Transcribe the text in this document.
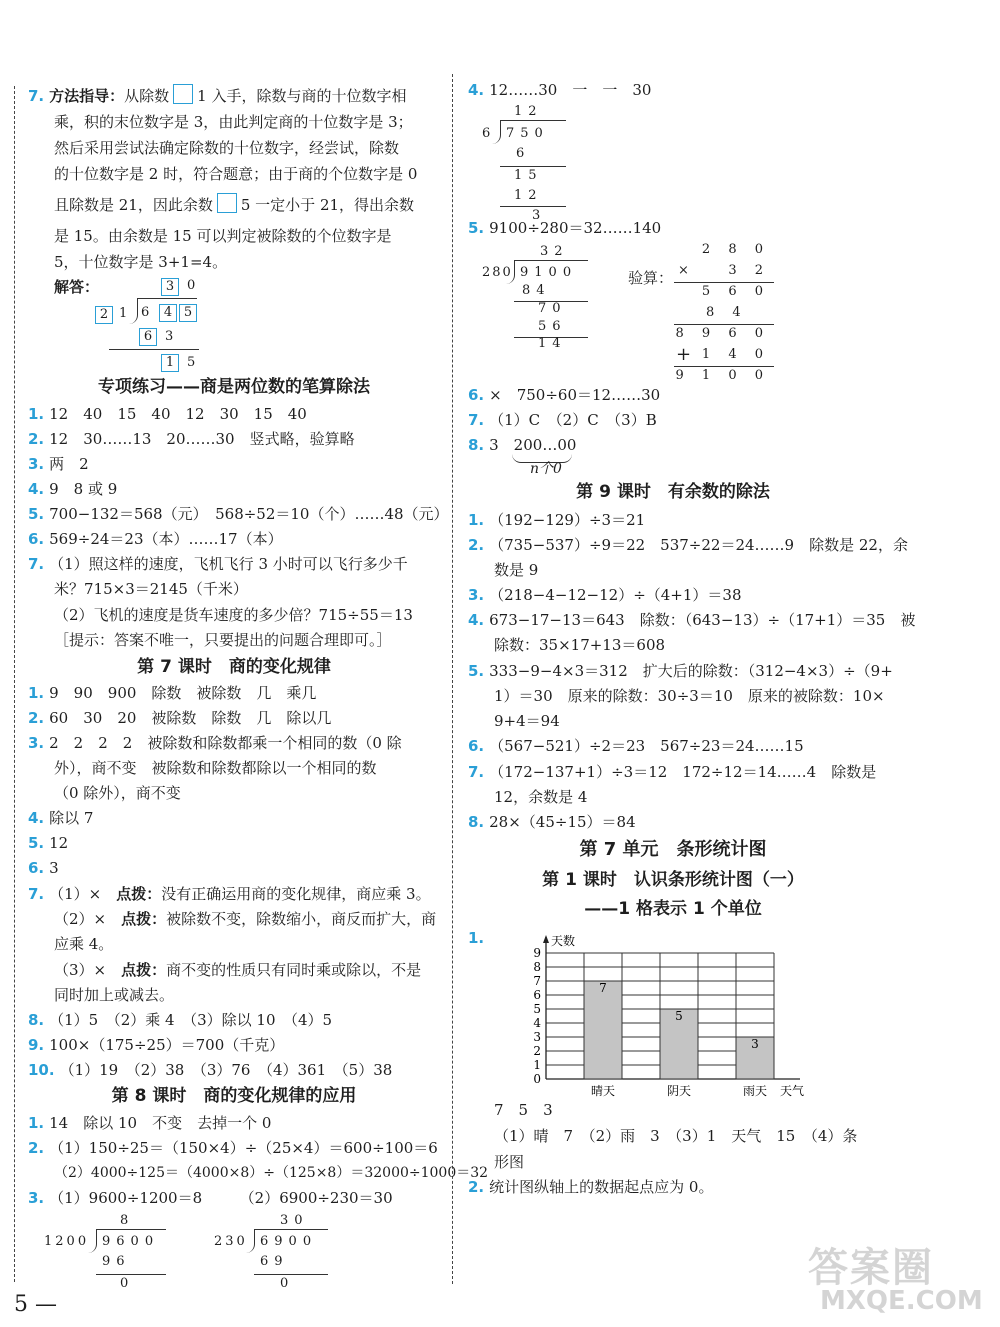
7. 方法指导：从除数 1 入手，除数与商的十位数字相
乘，积的末位数字是 3，由此判定商的十位数字是 3；
然后采用尝试法确定除数的十位数字，经尝试，除数
的十位数字是 2 时，符合题意；由于商的个位数字是 0
且除数是 21，因此余数 5 一定小于 21，得出余数
是 15。由余数是 15 可以判定被除数的个位数字是
5，十位数字是 3+1=4。
解答：	3 0
2 1 6	4 5
6 3
1 5
专项练习——商是两位数的笔算除法
1. 12　40　15　40　12　30　15　40
2. 12　30……13　20……30　竖式略，验算略
3. 两　2
4. 9　8 或 9
5. 700−132＝568（元）　568÷52＝10（个）……48（元）
6. 569÷24＝23（本）……17（本）
7. （1）照这样的速度，飞机飞行 3 小时可以飞行多少千
米？715×3＝2145（千米）
（2）飞机的速度是货车速度的多少倍？715÷55＝13
［提示：答案不唯一，只要提出的问题合理即可。］
第 7 课时　商的变化规律
1. 9　90　900　除数　被除数　几　乘几
2. 60　30　20　被除数　除数　几　除以几
3. 2　2　2　2　被除数和除数都乘一个相同的数（0 除
外），商不变　被除数和除数都除以一个相同的数
（0 除外），商不变
4. 除以 7
5. 12
6. 3
7. （1）×　点拨：没有正确运用商的变化规律，商应乘 3。
（2）×　点拨：被除数不变，除数缩小，商反而扩大，商
应乘 4。
（3）×　点拨：商不变的性质只有同时乘或除以，不是
同时加上或减去。
8. （1）5　（2）乘 4　（3）除以 10　（4）5
9. 100×（175÷25）＝700（千克）
10. （1）19　（2）38　（3）76　（4）361　（5）38
第 8 课时　商的变化规律的应用
1. 14　除以 10　不变　去掉一个 0
2. （1）150÷25＝（150×4）÷（25×4）＝600÷100＝6
（2）4000÷125＝（4000×8）÷（125×8）＝32000÷1000＝32
3. （1）9600÷1200＝8　　　（2）6900÷230＝30
8
1200 9600
96
0
30
230 6900
69
0
4. 12……30　一　一　30
12
6 750
6
15
12
3
5. 9100÷280＝32……140
32
280 9100
84
70
56
14
验算：
2 8 0
×	3 2
5 6 0
8 4
8 9 6 0
+ 1 4 0
9 1 0 0
6. ×　750÷60＝12……30
7. （1）C　（2）C　（3）B
8. 3　200…00
n个0
第 9 课时　有余数的除法
1. （192−129）÷3＝21
2. （735−537）÷9＝22　537÷22＝24……9　除数是 22，余
数是 9
3. （218−4−12−12）÷（4+1）＝38
4. 673−17−13＝643　除数：（643−13）÷（17+1）＝35　被
除数：35×17+13＝608
5. 333−9−4×3＝312　扩大后的除数：（312−4×3）÷（9+
1）＝30　原来的除数：30÷3＝10　原来的被除数：10×
9+4＝94
6. （567−521）÷2＝23　567÷23＝24……15
7. （172−137+1）÷3＝12　172÷12＝14……4　除数是
12，余数是 4
8. 28×（45÷15）＝84
第 7 单元　条形统计图
第 1 课时　认识条形统计图（一）
——1 格表示 1 个单位
1.
0
1
2
3
4
5
6
7
8
9
天数
天气
7
晴天
5
阴天
3
雨天
7　5　3
（1）晴　7　（2）雨　3　（3）1　天气　15　（4）条
形图
2. 统计图纵轴上的数据起点应为 0。
5 —
答案圈
MXQE.COM
